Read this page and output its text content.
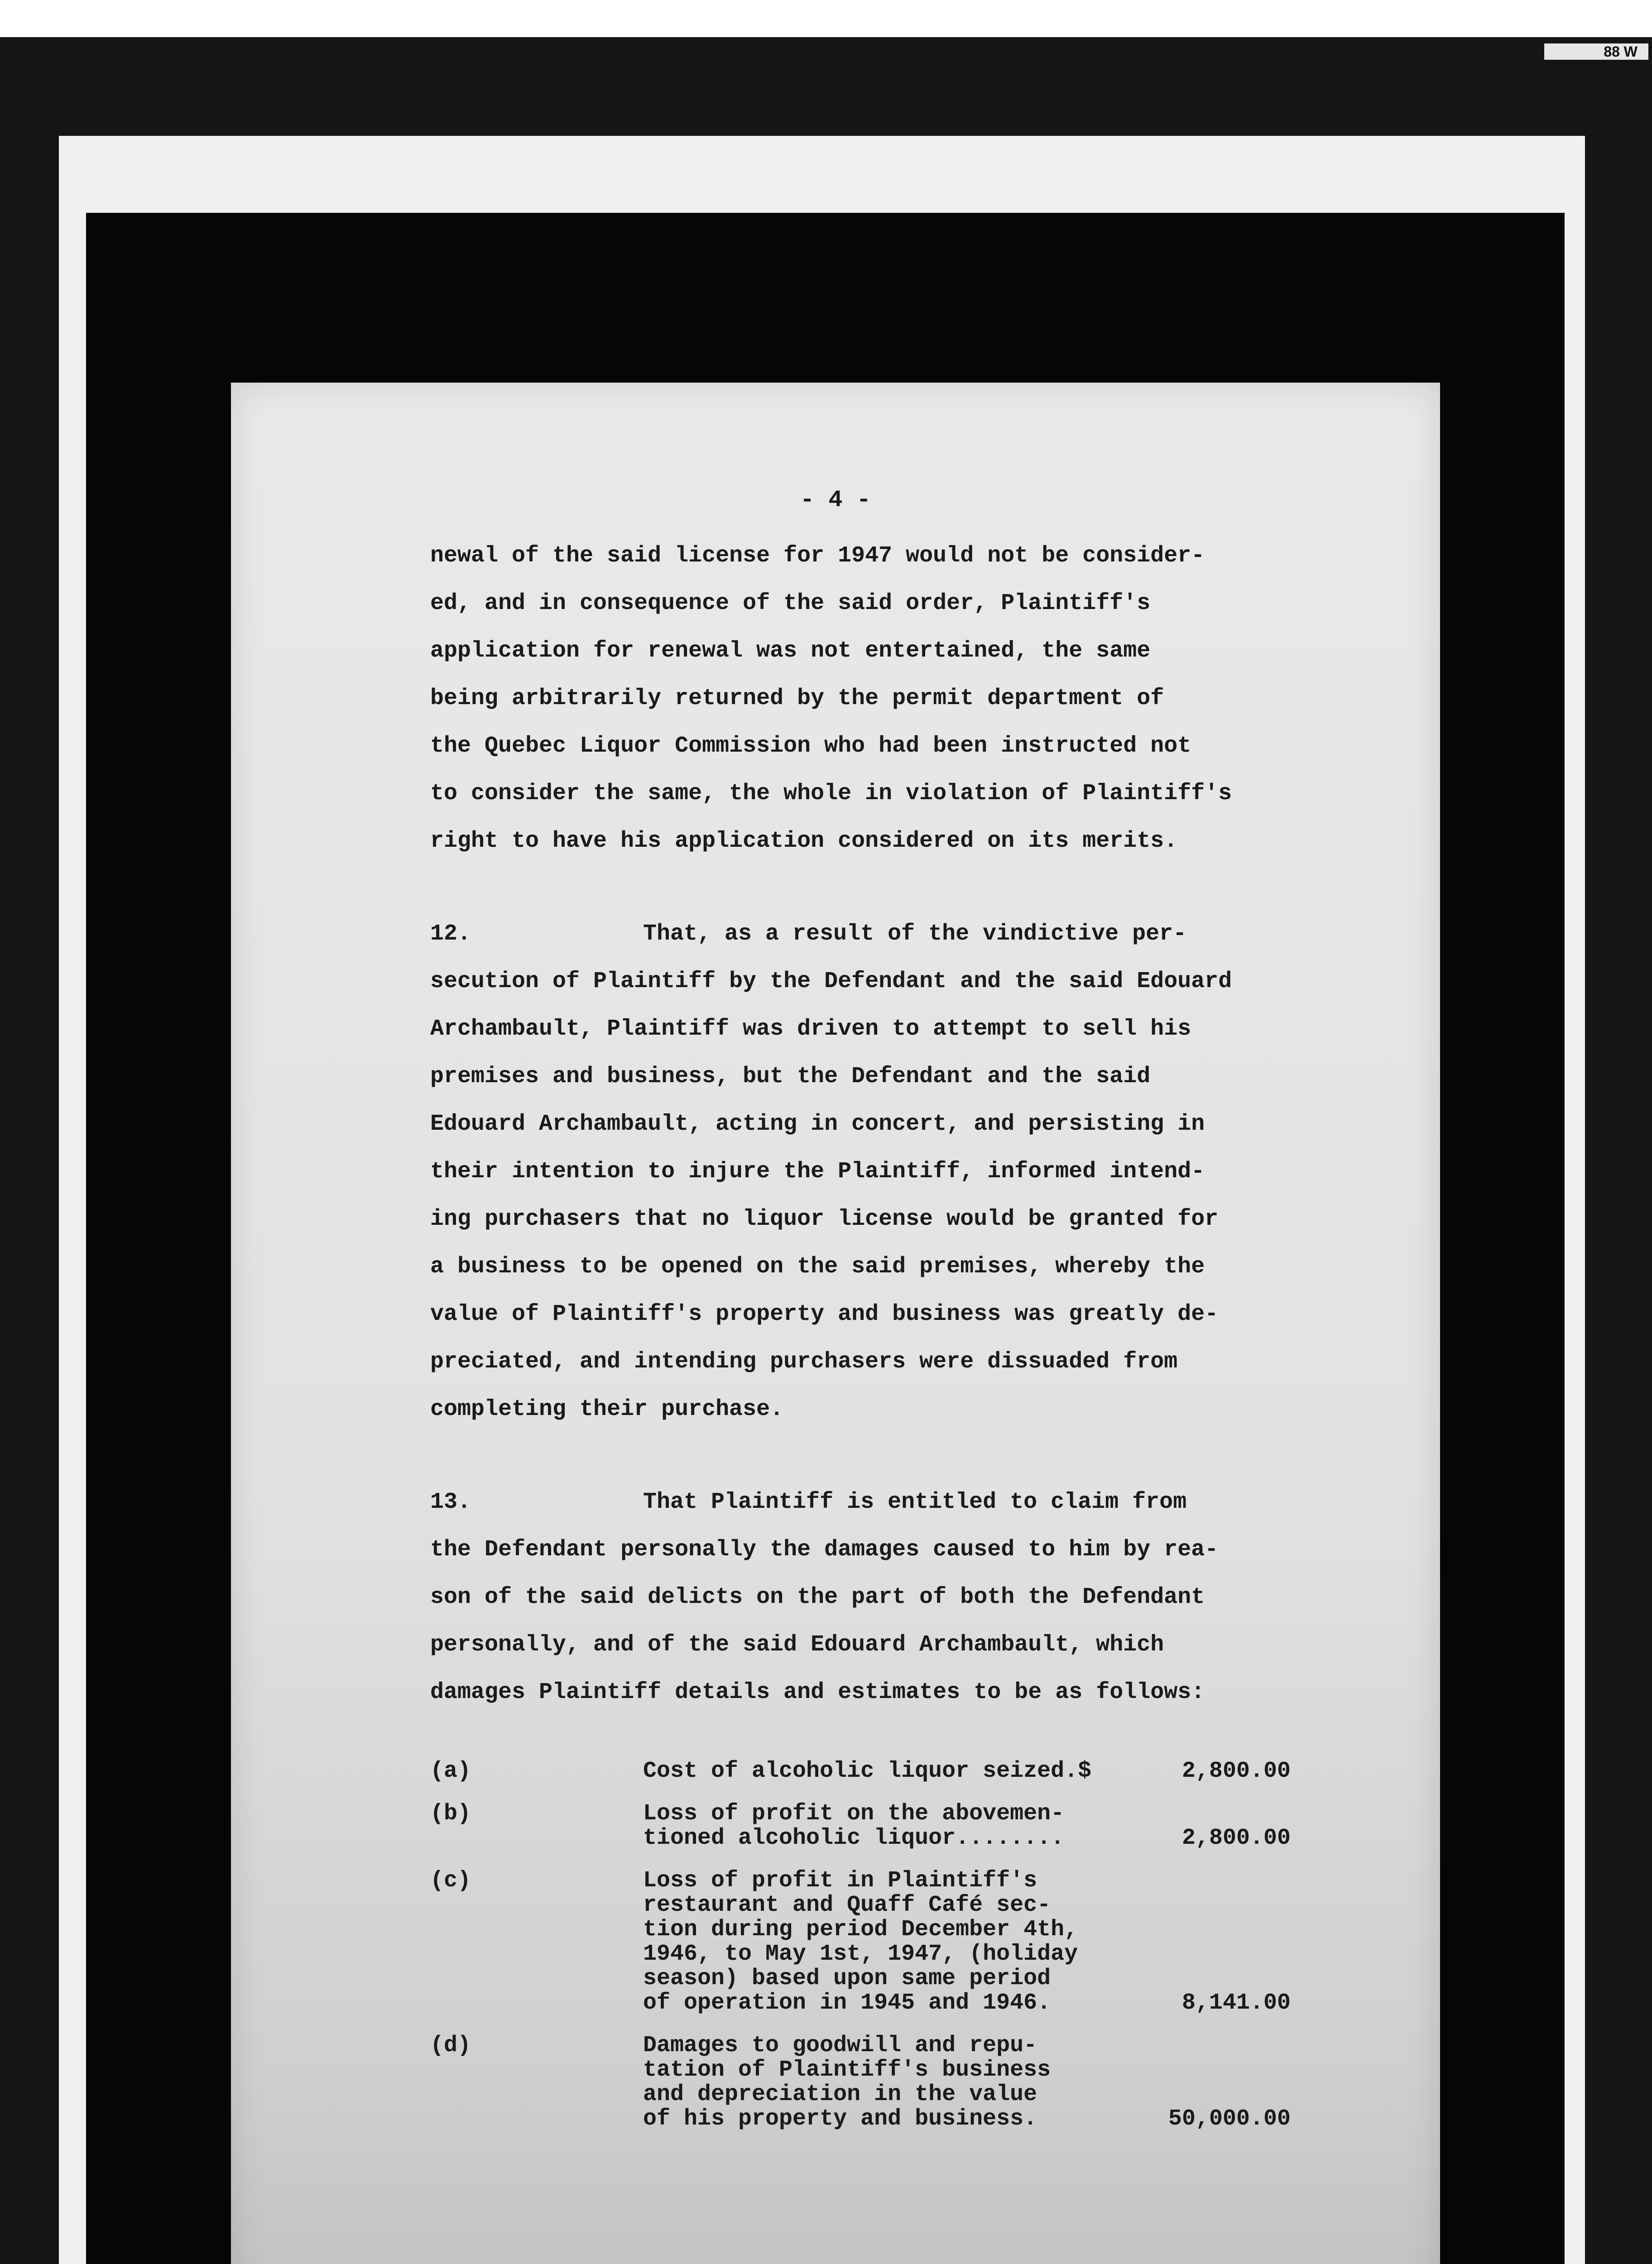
88 W
- 4 -
newal of the said license for 1947 would not be consider-
ed, and in consequence of the said order, Plaintiff's
application for renewal was not entertained, the same
being arbitrarily returned by the permit department of
the Quebec Liquor Commission who had been instructed not
to consider the same, the whole in violation of Plaintiff's
right to have his application considered on its merits.
12.	That, as a result of the vindictive per-
secution of Plaintiff by the Defendant and the said Edouard
Archambault, Plaintiff was driven to attempt to sell his
premises and business, but the Defendant and the said
Edouard Archambault, acting in concert, and persisting in
their intention to injure the Plaintiff, informed intend-
ing purchasers that no liquor license would be granted for
a business to be opened on the said premises, whereby the
value of Plaintiff's property and business was greatly de-
preciated, and intending purchasers were dissuaded from
completing their purchase.
13.	That Plaintiff is entitled to claim from
the Defendant personally the damages caused to him by rea-
son of the said delicts on the part of both the Defendant
personally, and of the said Edouard Archambault, which
damages Plaintiff details and estimates to be as follows:
(a)	Cost of alcoholic liquor seized.$	2,800.00
(b)	Loss of profit on the abovemen-
tioned alcoholic liquor........	2,800.00
(c)	Loss of profit in Plaintiff's
restaurant and Quaff Café sec-
tion during period December 4th,
1946, to May 1st, 1947, (holiday
season) based upon same period
of operation in 1945 and 1946.	8,141.00
(d)	Damages to goodwill and repu-
tation of Plaintiff's business
and depreciation in the value
of his property and business.	50,000.00
